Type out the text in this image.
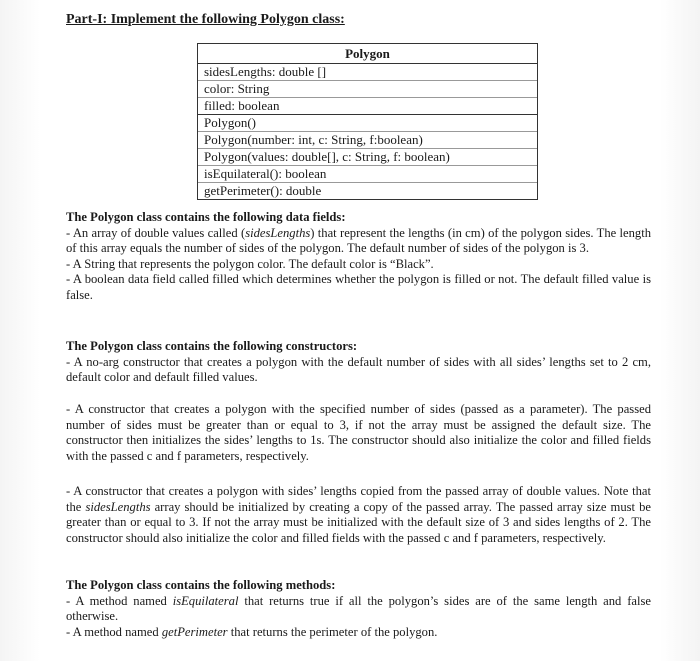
Part-I: Implement the following Polygon class:
Polygon
sidesLengths: double []
color: String
filled: boolean
Polygon()
Polygon(number: int, c: String, f:boolean)
Polygon(values: double[], c: String, f: boolean)
isEquilateral(): boolean
getPerimeter(): double

The Polygon class contains the following data fields:

- An array of double values called (sidesLengths) that represent the lengths (in cm) of the polygon sides. The length of this array equals the number of sides of the polygon. The default number of sides of the polygon is 3.

- A String that represents the polygon color. The default color is “Black”.

- A boolean data field called filled which determines whether the polygon is filled or not. The default filled value is false.

The Polygon class contains the following constructors:

- A no-arg constructor that creates a polygon with the default number of sides with all sides’ lengths set to 2 cm, default color and default filled values.

- A constructor that creates a polygon with the specified number of sides (passed as a parameter). The passed number of sides must be greater than or equal to 3, if not the array must be assigned the default size. The constructor then initializes the sides’ lengths to 1s. The constructor should also initialize the color and filled fields with the passed c and f parameters, respectively.

- A constructor that creates a polygon with sides’ lengths copied from the passed array of double values. Note that the sidesLengths array should be initialized by creating a copy of the passed array. The passed array size must be greater than or equal to 3. If not the array must be initialized with the default size of 3 and sides lengths of 2. The constructor should also initialize the color and filled fields with the passed c and f parameters, respectively.

The Polygon class contains the following methods:

- A method named isEquilateral that returns true if all the polygon’s sides are of the same length and false otherwise.

- A method named getPerimeter that returns the perimeter of the polygon.
